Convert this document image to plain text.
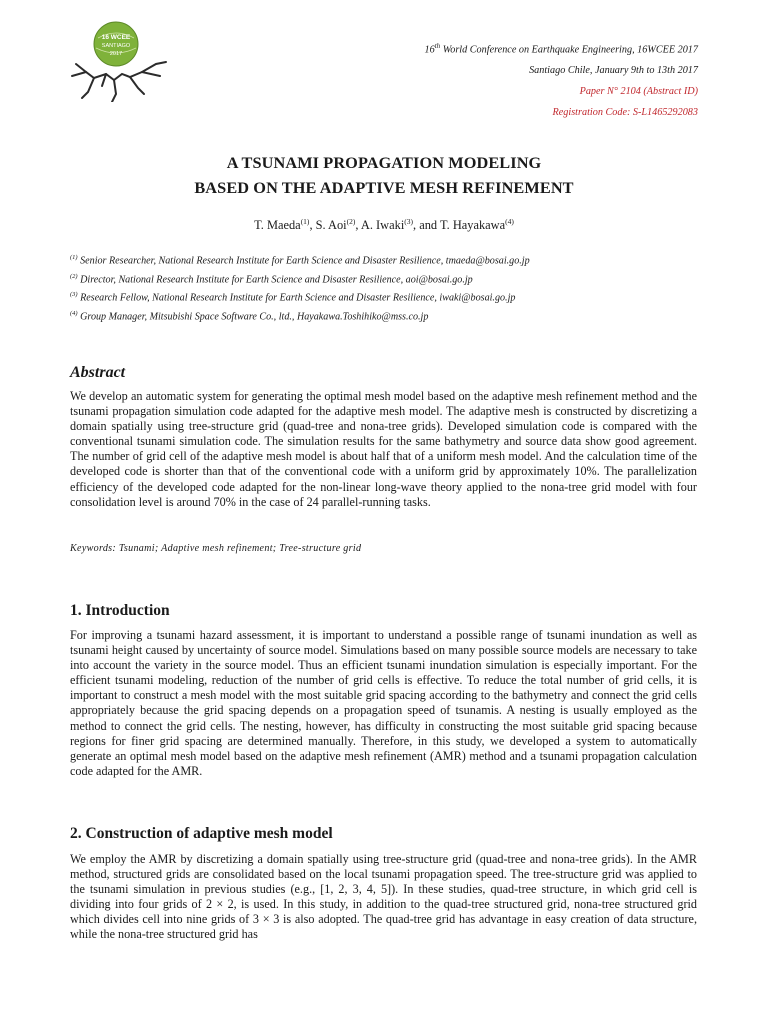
16 WCEE
SANTIAGO
2017	16th World Conference on Earthquake Engineering, 16WCEE 2017
Santiago Chile, January 9th to 13th 2017
Paper N° 2104 (Abstract ID)
Registration Code: S-L1465292083
A TSUNAMI PROPAGATION MODELING
BASED ON THE ADAPTIVE MESH REFINEMENT
T. Maeda$^{(1)}$, S. Aoi$^{(2)}$, A. Iwaki$^{(3)}$, and T. Hayakawa$^{(4)}$
$^{(1)}$ Senior Researcher, National Research Institute for Earth Science and Disaster Resilience, tmaeda@bosai.go.jp
$^{(2)}$ Director, National Research Institute for Earth Science and Disaster Resilience, aoi@bosai.go.jp
$^{(3)}$ Research Fellow, National Research Institute for Earth Science and Disaster Resilience, iwaki@bosai.go.jp
$^{(4)}$ Group Manager, Mitsubishi Space Software Co., ltd., Hayakawa.Toshihiko@mss.co.jp
Abstract
We develop an automatic system for generating the optimal mesh model based on the adaptive mesh refinement method and the tsunami propagation simulation code adapted for the adaptive mesh model. The adaptive mesh is constructed by discretizing a domain spatially using tree-structure grid (quad-tree and nona-tree grids). Developed simulation code is compared with the conventional tsunami simulation code. The simulation results for the same bathymetry and source data show good agreement. The number of grid cell of the adaptive mesh model is about half that of a uniform mesh model. And the calculation time of the developed code is shorter than that of the conventional code with a uniform grid by approximately 10%. The parallelization efficiency of the developed code adapted for the non-linear long-wave theory applied to the nona-tree grid model with four consolidation level is around 70% in the case of 24 parallel-running tasks.
Keywords: Tsunami; Adaptive mesh refinement; Tree-structure grid
1. Introduction
For improving a tsunami hazard assessment, it is important to understand a possible range of tsunami inundation as well as tsunami height caused by uncertainty of source model. Simulations based on many possible source models are necessary to take into account the variety in the source model. Thus an efficient tsunami inundation simulation is especially important. For the efficient tsunami modeling, reduction of the number of grid cells is effective. To reduce the total number of grid cells, it is important to construct a mesh model with the most suitable grid spacing according to the bathymetry and connect the grid cells appropriately because the grid spacing depends on a propagation speed of tsunamis. A nesting is usually employed as the method to connect the grid cells. The nesting, however, has difficulty in constructing the most suitable grid spacing because regions for finer grid spacing are determined manually. Therefore, in this study, we developed a system to automatically generate an optimal mesh model based on the adaptive mesh refinement (AMR) method and a tsunami propagation calculation code adapted for the AMR.
2. Construction of adaptive mesh model
We employ the AMR by discretizing a domain spatially using tree-structure grid (quad-tree and nona-tree grids). In the AMR method, structured grids are consolidated based on the local tsunami propagation speed. The tree-structure grid was applied to the tsunami simulation in previous studies (e.g., [1, 2, 3, 4, 5]). In these studies, quad-tree structure, in which grid cell is dividing into four grids of 2 × 2, is used. In this study, in addition to the quad-tree structured grid, nona-tree structured grid which divides cell into nine grids of 3 × 3 is also adopted. The quad-tree grid has advantage in easy creation of data structure, while the nona-tree structured grid has
